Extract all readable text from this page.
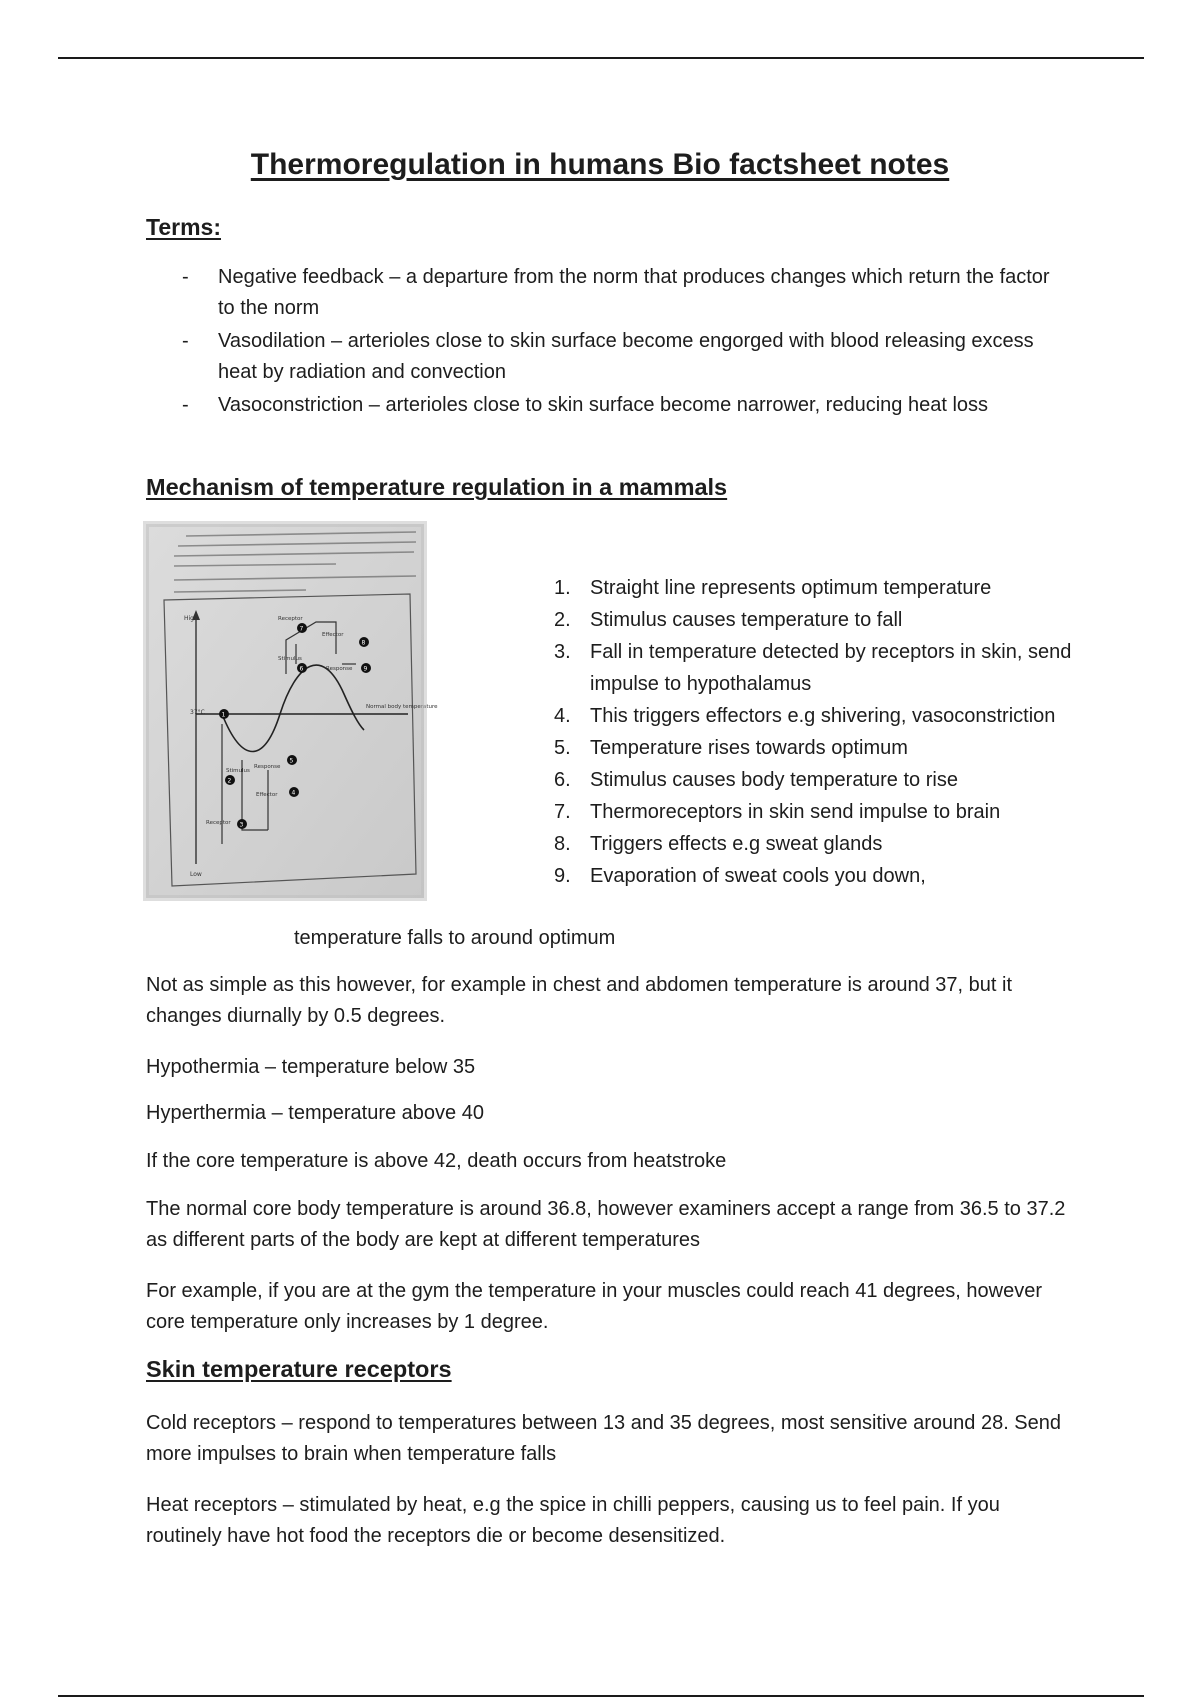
Thermoregulation in humans Bio factsheet notes
Terms:
- Negative feedback – a departure from the norm that produces changes which return the factor to the norm
- Vasodilation – arterioles close to skin surface become engorged with blood releasing excess heat by radiation and convection
- Vasoconstriction – arterioles close to skin surface become narrower, reducing heat loss
Mechanism of temperature regulation in a mammals
High
Low
37°C
Normal body temperature
Receptor
Effector
Stimulus
Response
Response
Stimulus
Effector
Receptor
1
2
3
4
5
6
7
8
9
1. Straight line represents optimum temperature
2. Stimulus causes temperature to fall
3. Fall in temperature detected by receptors in skin, send impulse to hypothalamus
4. This triggers effectors e.g shivering, vasoconstriction
5. Temperature rises towards optimum
6. Stimulus causes body temperature to rise
7. Thermoreceptors in skin send impulse to brain
8. Triggers effects e.g sweat glands
9. Evaporation of sweat cools you down,

temperature falls to around optimum

Not as simple as this however, for example in chest and abdomen temperature is around 37, but it changes diurnally by 0.5 degrees.

Hypothermia – temperature below 35

Hyperthermia – temperature above 40

If the core temperature is above 42, death occurs from heatstroke

The normal core body temperature is around 36.8, however examiners accept a range from 36.5 to 37.2 as different parts of the body are kept at different temperatures

For example, if you are at the gym the temperature in your muscles could reach 41 degrees, however core temperature only increases by 1 degree.

Skin temperature receptors

Cold receptors – respond to temperatures between 13 and 35 degrees, most sensitive around 28. Send more impulses to brain when temperature falls

Heat receptors – stimulated by heat, e.g the spice in chilli peppers, causing us to feel pain. If you routinely have hot food the receptors die or become desensitized.
